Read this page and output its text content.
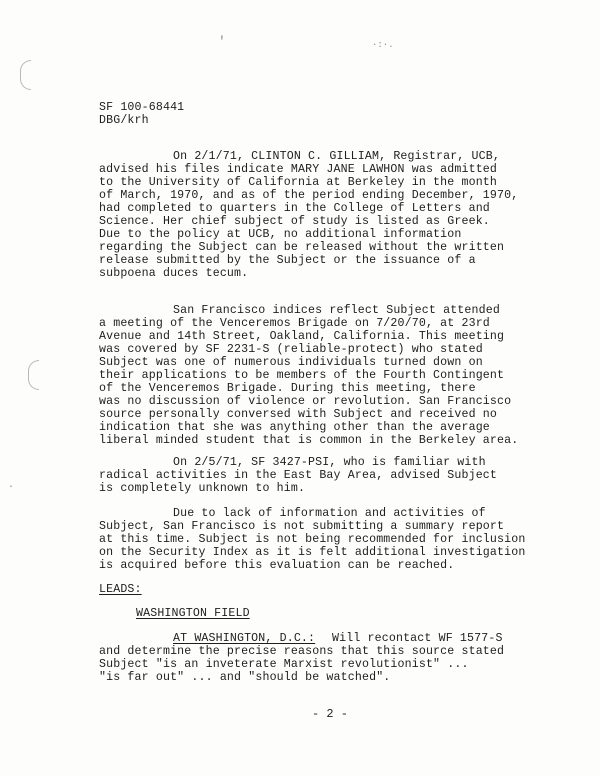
'	·:·.
·
SF 100-68441
DBG/krh
On 2/1/71, CLINTON C. GILLIAM, Registrar, UCB,
advised his files indicate MARY JANE LAWHON was admitted
to the University of California at Berkeley in the month
of March, 1970, and as of the period ending December, 1970,
had completed to quarters in the College of Letters and
Science. Her chief subject of study is listed as Greek.
Due to the policy at UCB, no additional information
regarding the Subject can be released without the written
release submitted by the Subject or the issuance of a
subpoena duces tecum.
San Francisco indices reflect Subject attended
a meeting of the Venceremos Brigade on 7/20/70, at 23rd
Avenue and 14th Street, Oakland, California. This meeting
was covered by SF 2231-S (reliable-protect) who stated
Subject was one of numerous individuals turned down on
their applications to be members of the Fourth Contingent
of the Venceremos Brigade. During this meeting, there
was no discussion of violence or revolution. San Francisco
source personally conversed with Subject and received no
indication that she was anything other than the average
liberal minded student that is common in the Berkeley area.
On 2/5/71, SF 3427-PSI, who is familiar with
radical activities in the East Bay Area, advised Subject
is completely unknown to him.
Due to lack of information and activities of
Subject, San Francisco is not submitting a summary report
at this time. Subject is not being recommended for inclusion
on the Security Index as it is felt additional investigation
is acquired before this evaluation can be reached.
LEADS:
WASHINGTON FIELD
AT WASHINGTON, D.C.: Will recontact WF 1577-S
and determine the precise reasons that this source stated
Subject "is an inveterate Marxist revolutionist" ...
"is far out" ... and "should be watched".
- 2 -
